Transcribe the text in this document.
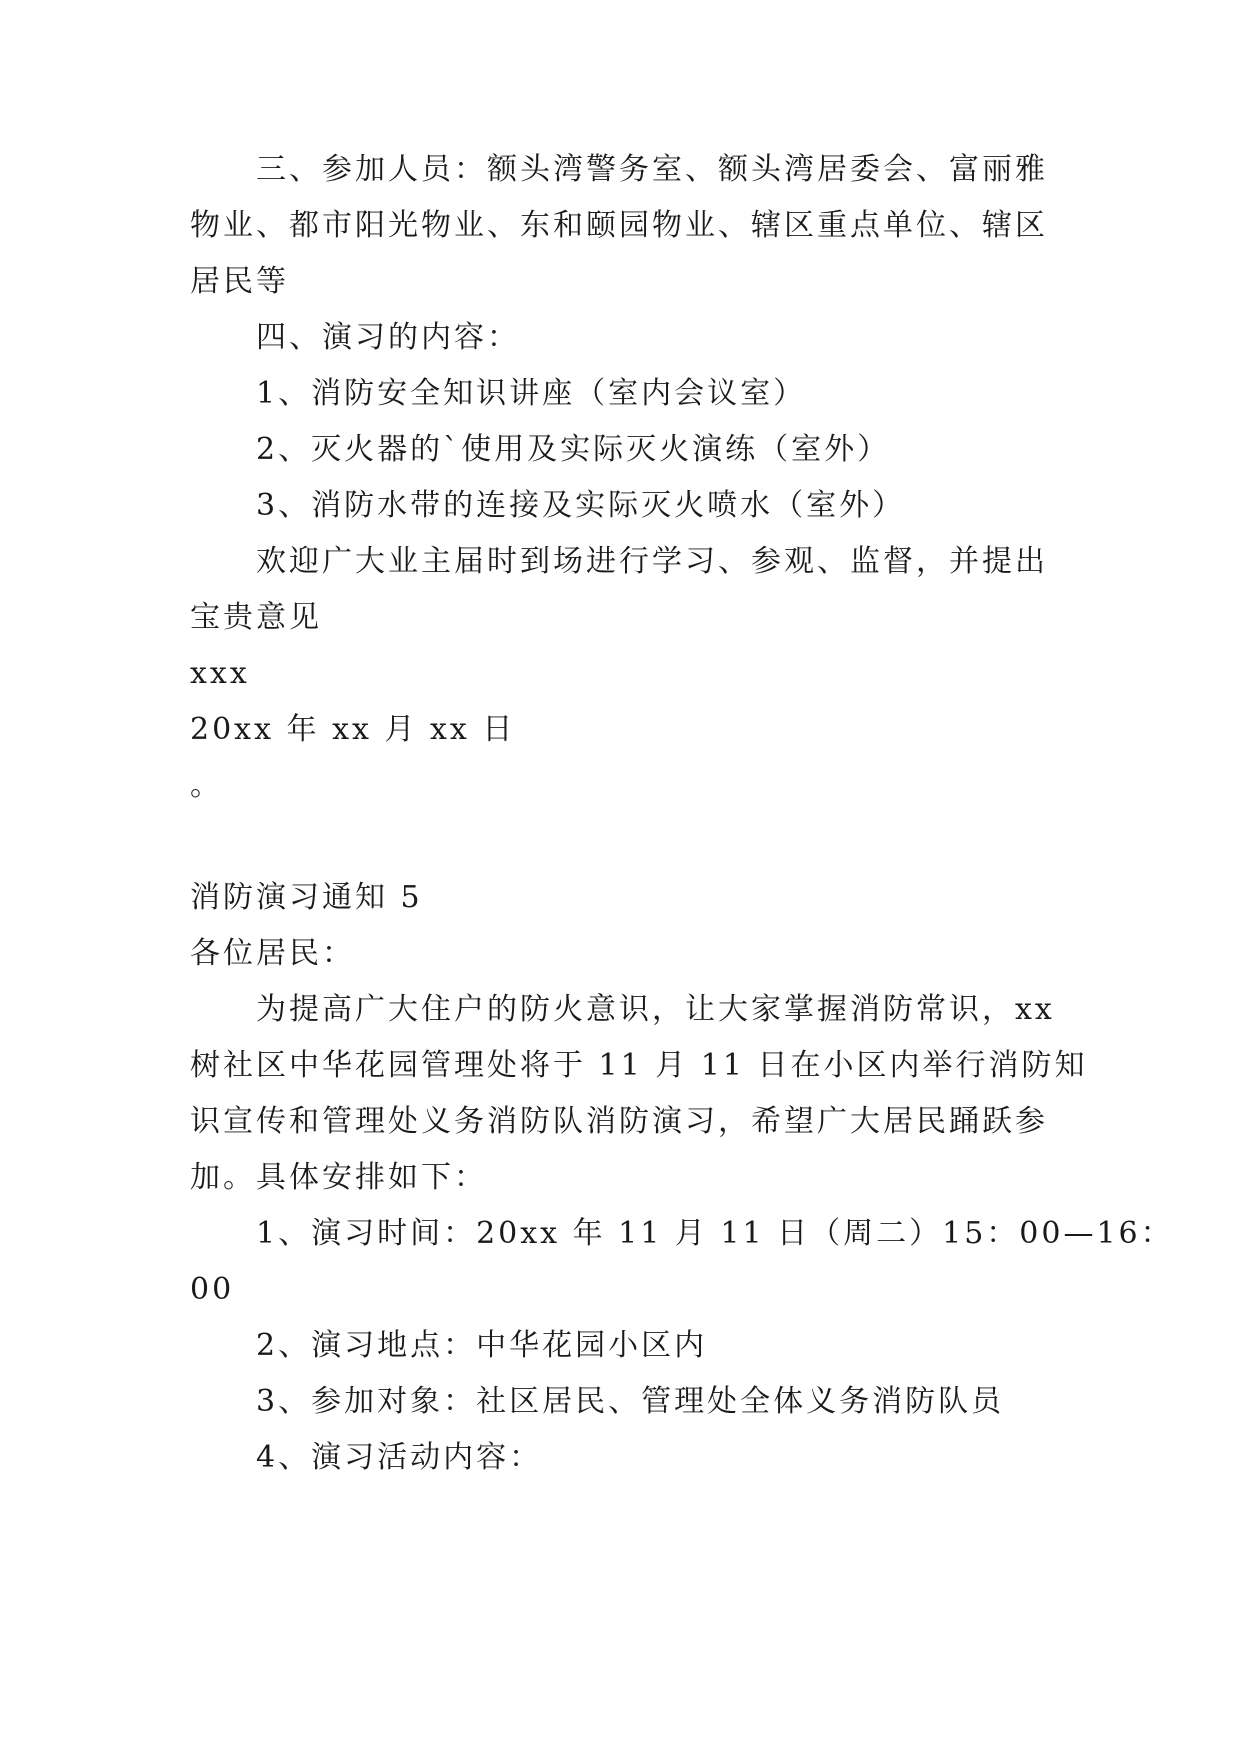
三、参加人员：额头湾警务室、额头湾居委会、富丽雅
物业、都市阳光物业、东和颐园物业、辖区重点单位、辖区
居民等
四、演习的内容：
1、消防安全知识讲座（室内会议室）
2、灭火器的`使用及实际灭火演练（室外）
3、消防水带的连接及实际灭火喷水（室外）
欢迎广大业主届时到场进行学习、参观、监督，并提出
宝贵意见
xxx
20xx 年 xx 月 xx 日
。
消防演习通知 5
各位居民：
为提高广大住户的防火意识，让大家掌握消防常识，xx
树社区中华花园管理处将于 11 月 11 日在小区内举行消防知
识宣传和管理处义务消防队消防演习，希望广大居民踊跃参
加。具体安排如下：
1、演习时间：20xx 年 11 月 11 日（周二）15：00—16：
00
2、演习地点：中华花园小区内
3、参加对象：社区居民、管理处全体义务消防队员
4、演习活动内容：
